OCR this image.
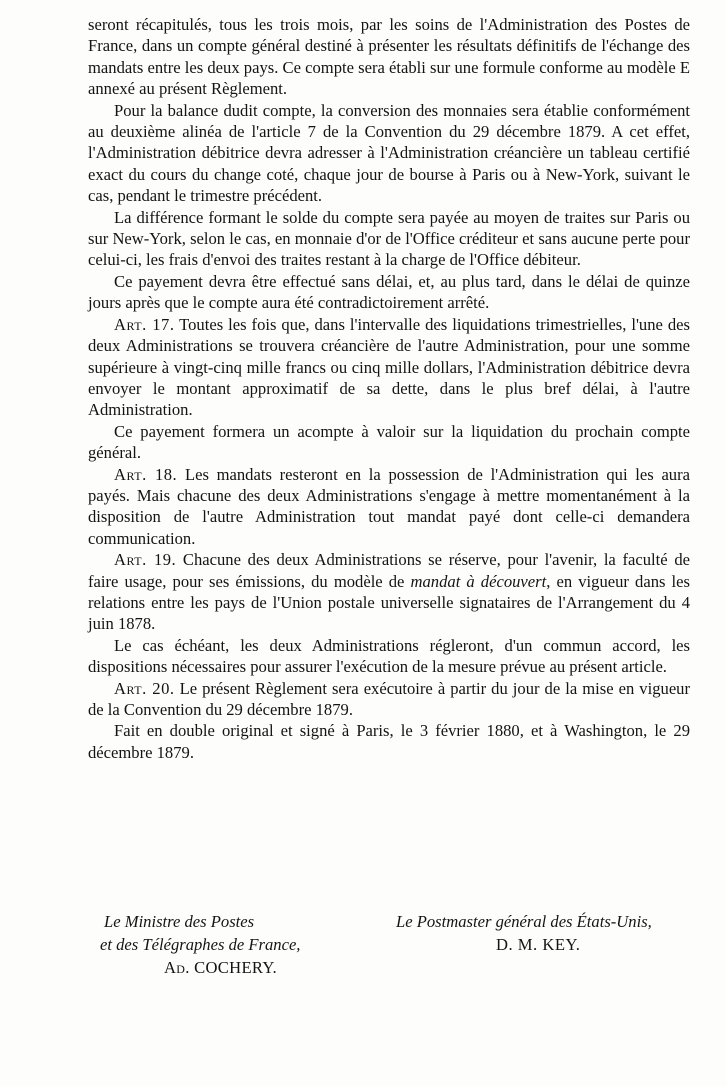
seront récapitulés, tous les trois mois, par les soins de l'Administration des Postes de France, dans un compte général destiné à présenter les résultats définitifs de l'échange des mandats entre les deux pays. Ce compte sera établi sur une formule conforme au modèle E annexé au présent Règlement.

Pour la balance dudit compte, la conversion des monnaies sera établie conformément au deuxième alinéa de l'article 7 de la Convention du 29 décembre 1879. A cet effet, l'Administration débitrice devra adresser à l'Administration créancière un tableau certifié exact du cours du change coté, chaque jour de bourse à Paris ou à New-York, suivant le cas, pendant le trimestre précédent.

La différence formant le solde du compte sera payée au moyen de traites sur Paris ou sur New-York, selon le cas, en monnaie d'or de l'Office créditeur et sans aucune perte pour celui-ci, les frais d'envoi des traites restant à la charge de l'Office débiteur.

Ce payement devra être effectué sans délai, et, au plus tard, dans le délai de quinze jours après que le compte aura été contradictoirement arrêté.

Art. 17. Toutes les fois que, dans l'intervalle des liquidations trimestrielles, l'une des deux Administrations se trouvera créancière de l'autre Administration, pour une somme supérieure à vingt-cinq mille francs ou cinq mille dollars, l'Administration débitrice devra envoyer le montant approximatif de sa dette, dans le plus bref délai, à l'autre Administration.

Ce payement formera un acompte à valoir sur la liquidation du prochain compte général.

Art. 18. Les mandats resteront en la possession de l'Administration qui les aura payés. Mais chacune des deux Administrations s'engage à mettre momentanément à la disposition de l'autre Administration tout mandat payé dont celle-ci demandera communication.

Art. 19. Chacune des deux Administrations se réserve, pour l'avenir, la faculté de faire usage, pour ses émissions, du modèle de mandat à découvert, en vigueur dans les relations entre les pays de l'Union postale universelle signataires de l'Arrangement du 4 juin 1878.

Le cas échéant, les deux Administrations régleront, d'un commun accord, les dispositions nécessaires pour assurer l'exécution de la mesure prévue au présent article.

Art. 20. Le présent Règlement sera exécutoire à partir du jour de la mise en vigueur de la Convention du 29 décembre 1879.

Fait en double original et signé à Paris, le 3 février 1880, et à Washington, le 29 décembre 1879.

Le Ministre des Postes
et des Télégraphes de France,
Ad. COCHERY.
Le Postmaster général des États-Unis,
D. M. KEY.
